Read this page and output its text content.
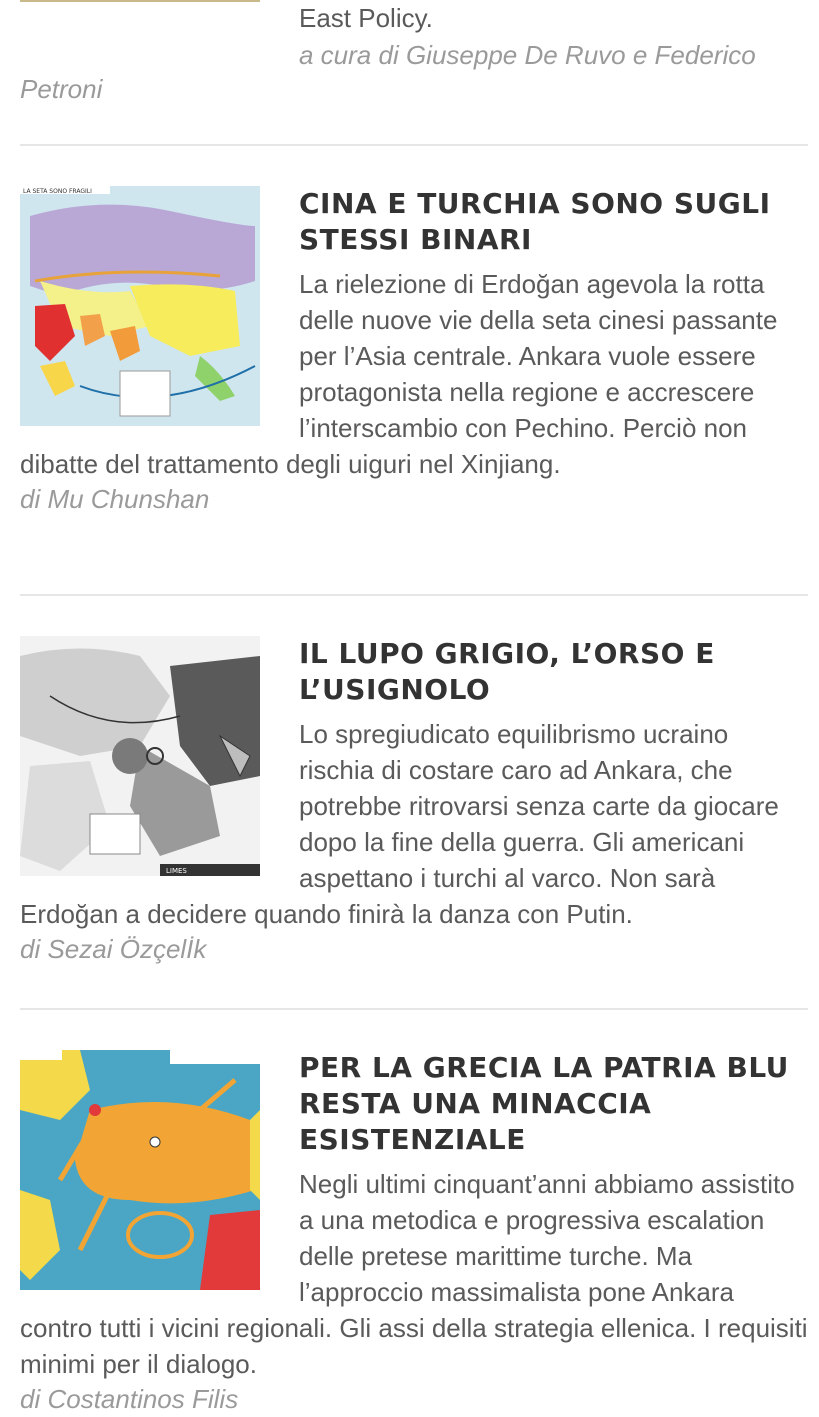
East Policy.

a cura di Giuseppe De Ruvo e Federico Petroni

LA SETA SONO FRAGILI	CINA E TURCHIA SONO SUGLI STESSI BINARI

La rielezione di Erdoğan agevola la rotta delle nuove vie della seta cinesi passante per l’Asia centrale. Ankara vuole essere protagonista nella regione e accrescere l’interscambio con Pechino. Perciò non dibatte del trattamento degli uiguri nel Xinjiang.

di Mu Chunshan

LIMES
IL LUPO GRIGIO, L’ORSO E L’USIGNOLO

Lo spregiudicato equilibrismo ucraino rischia di costare caro ad Ankara, che potrebbe ritrovarsi senza carte da giocare dopo la fine della guerra. Gli americani aspettano i turchi al varco. Non sarà Erdoğan a decidere quando finirà la danza con Putin.

di Sezai Özçelİk

PER LA GRECIA LA PATRIA BLU RESTA UNA MINACCIA ESISTENZIALE

Negli ultimi cinquant’anni abbiamo assistito a una metodica e progressiva escalation delle pretese marittime turche. Ma l’approccio massimalista pone Ankara contro tutti i vicini regionali. Gli assi della strategia ellenica. I requisiti minimi per il dialogo.

di Costantinos Filis
